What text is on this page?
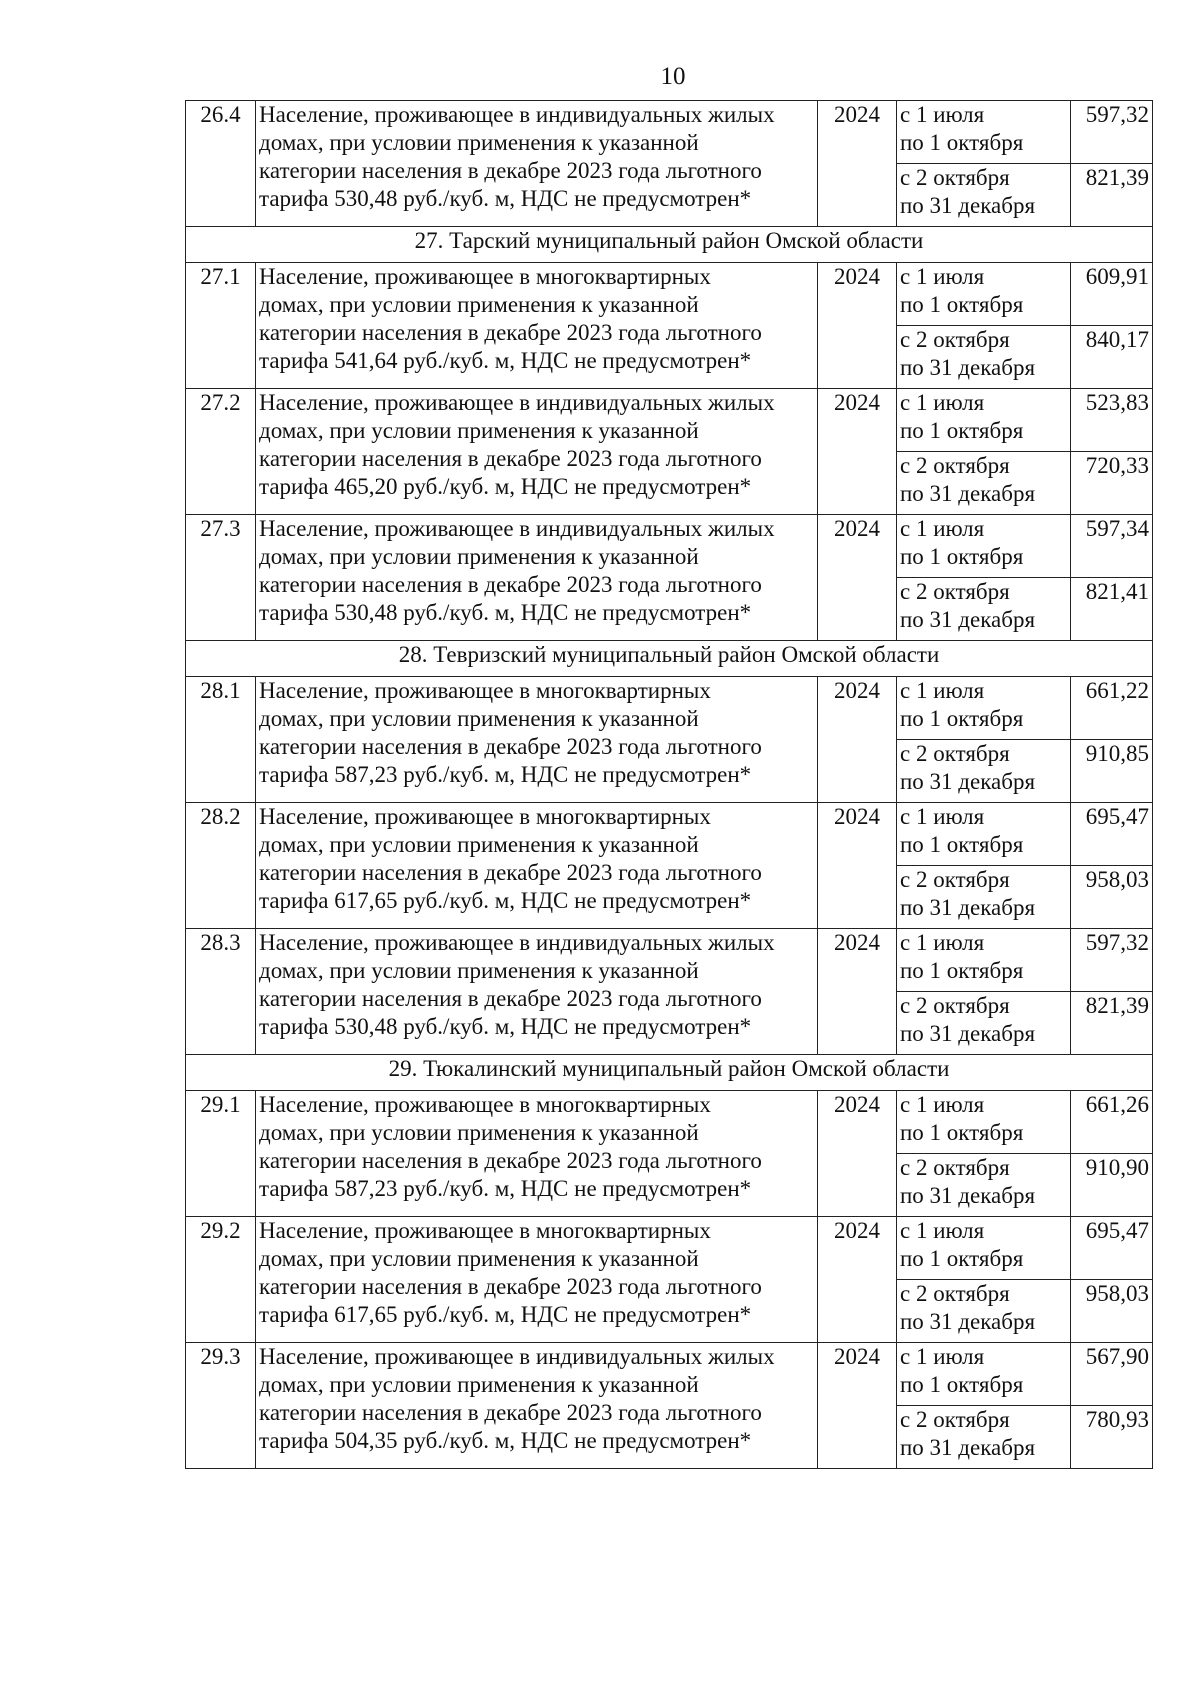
10
26.4	Население, проживающее в индивидуальных жилых
домах, при условии применения к указанной
категории населения в декабре 2023 года льготного
тарифа 530,48 руб./куб. м, НДС не предусмотрен*	2024	с 1 июля
по 1 октября	597,32

			с 2 октября
по 31 декабря	821,39
27. Тарский муниципальный район Омской области				
27.1	Население, проживающее в многоквартирных
домах, при условии применения к указанной
категории населения в декабре 2023 года льготного
тарифа 541,64 руб./куб. м, НДС не предусмотрен*	2024	с 1 июля
по 1 октября	609,91

			с 2 октября
по 31 декабря	840,17
27.2	Население, проживающее в индивидуальных жилых
домах, при условии применения к указанной
категории населения в декабре 2023 года льготного
тарифа 465,20 руб./куб. м, НДС не предусмотрен*	2024	с 1 июля
по 1 октября	523,83

			с 2 октября
по 31 декабря	720,33
27.3	Население, проживающее в индивидуальных жилых
домах, при условии применения к указанной
категории населения в декабре 2023 года льготного
тарифа 530,48 руб./куб. м, НДС не предусмотрен*	2024	с 1 июля
по 1 октября	597,34

			с 2 октября
по 31 декабря	821,41
28. Тевризский муниципальный район Омской области				
28.1	Население, проживающее в многоквартирных
домах, при условии применения к указанной
категории населения в декабре 2023 года льготного
тарифа 587,23 руб./куб. м, НДС не предусмотрен*	2024	с 1 июля
по 1 октября	661,22

			с 2 октября
по 31 декабря	910,85
28.2	Население, проживающее в многоквартирных
домах, при условии применения к указанной
категории населения в декабре 2023 года льготного
тарифа 617,65 руб./куб. м, НДС не предусмотрен*	2024	с 1 июля
по 1 октября	695,47

			с 2 октября
по 31 декабря	958,03
28.3	Население, проживающее в индивидуальных жилых
домах, при условии применения к указанной
категории населения в декабре 2023 года льготного
тарифа 530,48 руб./куб. м, НДС не предусмотрен*	2024	с 1 июля
по 1 октября	597,32

			с 2 октября
по 31 декабря	821,39
29. Тюкалинский муниципальный район Омской области				
29.1	Население, проживающее в многоквартирных
домах, при условии применения к указанной
категории населения в декабре 2023 года льготного
тарифа 587,23 руб./куб. м, НДС не предусмотрен*	2024	с 1 июля
по 1 октября	661,26

			с 2 октября
по 31 декабря	910,90
29.2	Население, проживающее в многоквартирных
домах, при условии применения к указанной
категории населения в декабре 2023 года льготного
тарифа 617,65 руб./куб. м, НДС не предусмотрен*	2024	с 1 июля
по 1 октября	695,47

			с 2 октября
по 31 декабря	958,03
29.3	Население, проживающее в индивидуальных жилых
домах, при условии применения к указанной
категории населения в декабре 2023 года льготного
тарифа 504,35 руб./куб. м, НДС не предусмотрен*	2024	с 1 июля
по 1 октября	567,90

			с 2 октября
по 31 декабря	780,93
